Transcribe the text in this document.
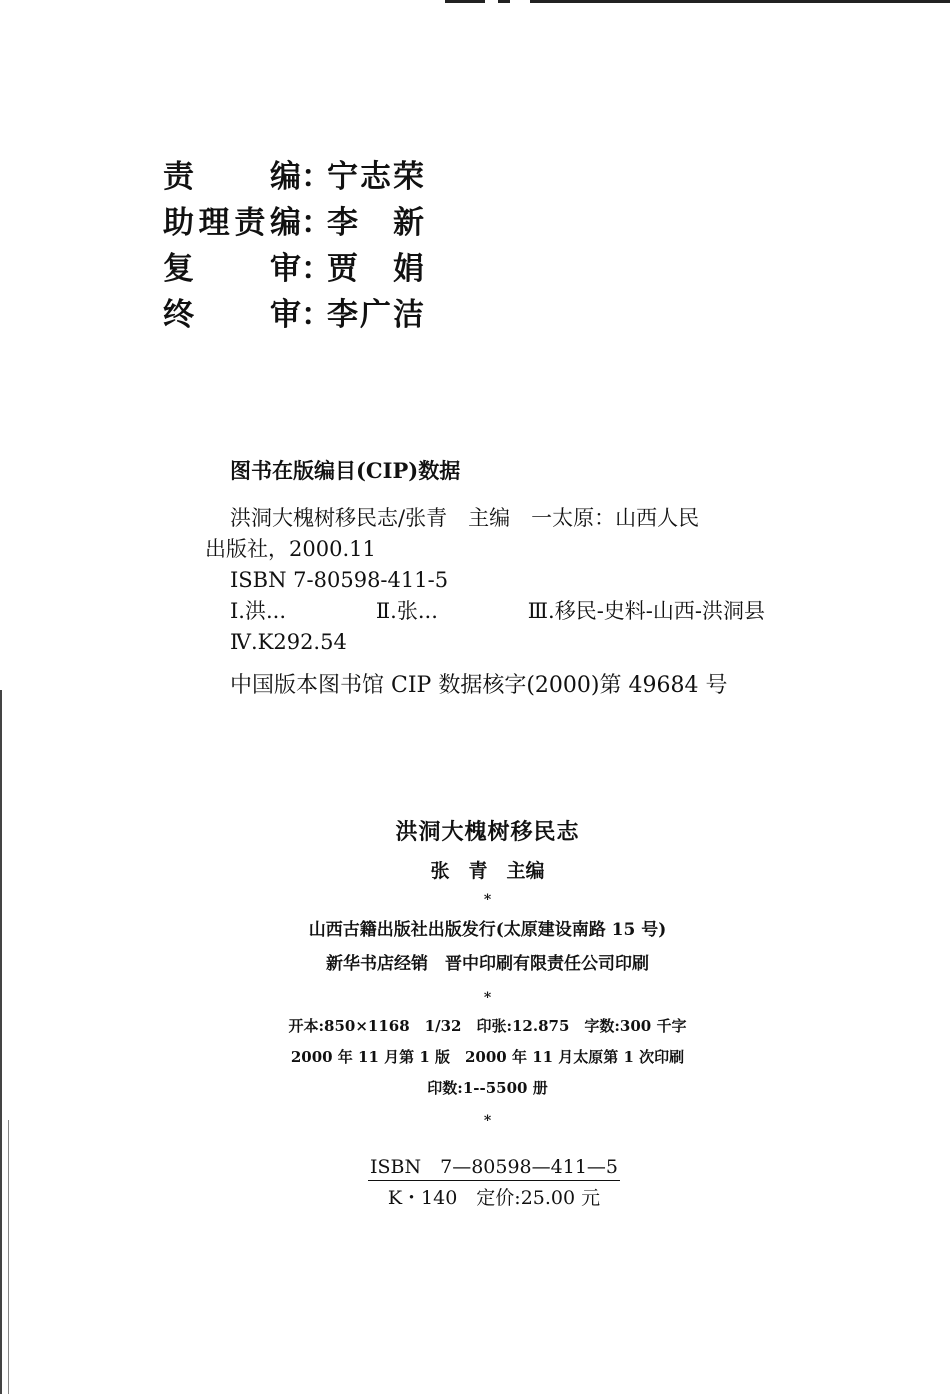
责编 ：
宁志荣
助理责编 ：
李　新
复审 ：
贾　娟
终审 ：
李广洁
图书在版编目(CIP)数据
洪洞大槐树移民志/张青　主编　一太原：山西人民
出版社，2000.11
ISBN 7-80598-411-5
Ⅰ.洪...	Ⅱ.张...	Ⅲ.移民-史料-山西-洪洞县
Ⅳ.K292.54
中国版本图书馆 CIP 数据核字(2000)第 49684 号
洪洞大槐树移民志
张　青　主编
*
山西古籍出版社出版发行(太原建设南路 15 号)
新华书店经销　晋中印刷有限责任公司印刷
*
开本:850×1168　1/32　印张:12.875　字数:300 千字
2000 年 11 月第 1 版　2000 年 11 月太原第 1 次印刷
印数:1--5500 册
*
ISBN　7—80598—411—5
K・140　定价:25.00 元
